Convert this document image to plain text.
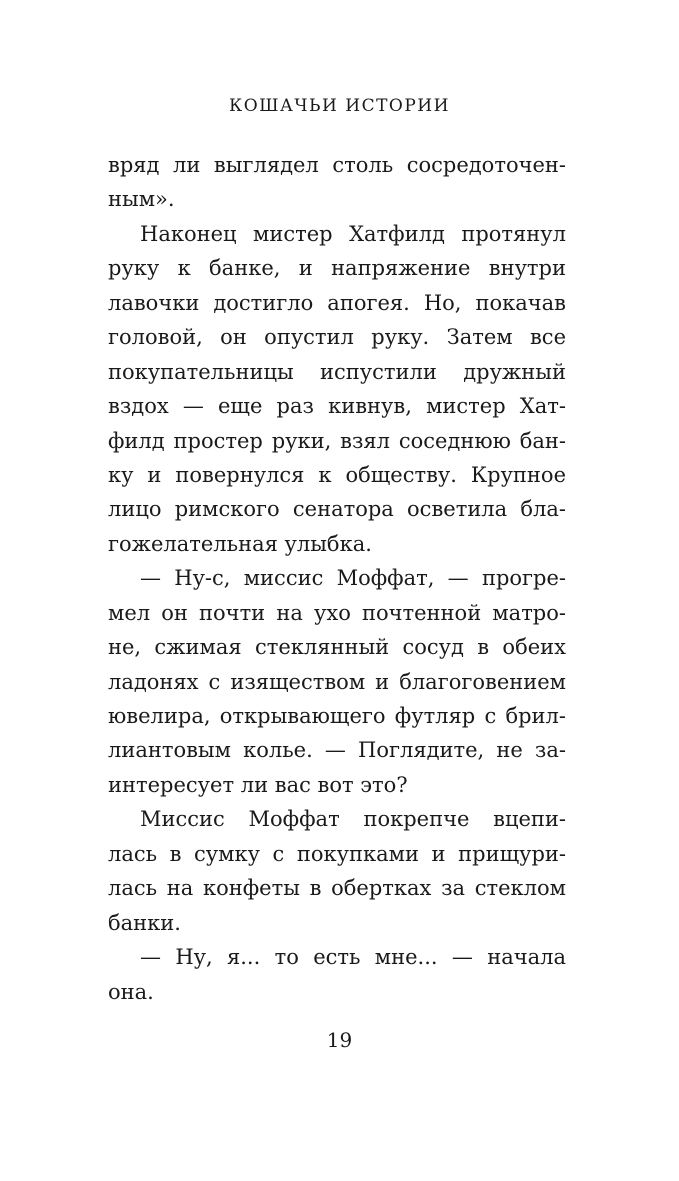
КОШАЧЬИ ИСТОРИИ
вряд ли выглядел столь сосредоточен-
ным».
Наконец мистер Хатфилд протянул
руку к банке, и напряжение внутри
лавочки достигло апогея. Но, покачав
головой, он опустил руку. Затем все
покупательницы испустили дружный
вздох — еще раз кивнув, мистер Хат-
филд простер руки, взял соседнюю бан-
ку и повернулся к обществу. Крупное
лицо римского сенатора осветила бла-
гожелательная улыбка.
— Ну-с, миссис Моффат, — прогре-
мел он почти на ухо почтенной матро-
не, сжимая стеклянный сосуд в обеих
ладонях с изяществом и благоговением
ювелира, открывающего футляр с брил-
лиантовым колье. — Поглядите, не за-
интересует ли вас вот это?
Миссис Моффат покрепче вцепи-
лась в сумку с покупками и прищури-
лась на конфеты в обертках за стеклом
банки.
— Ну, я... то есть мне... — начала
она.
19
